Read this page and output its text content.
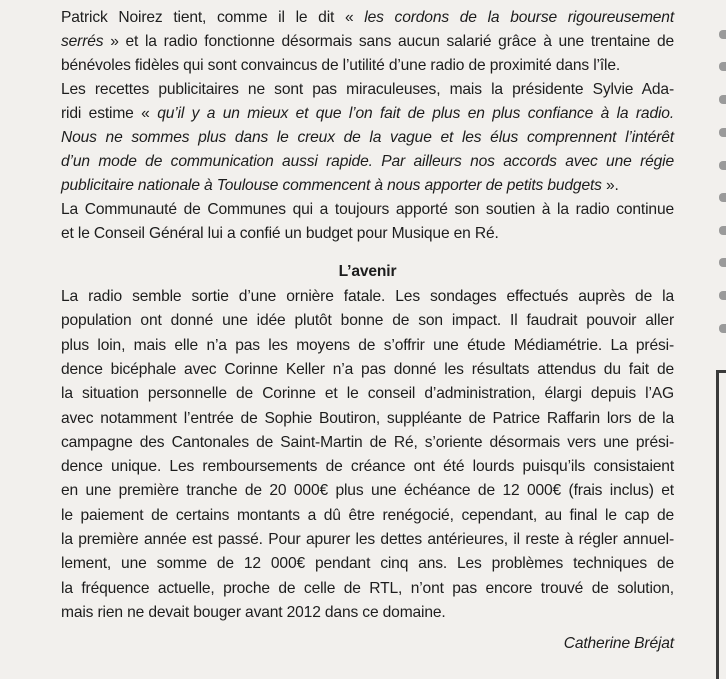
Patrick Noirez tient, comme il le dit « les cordons de la bourse rigoureusement
serrés » et la radio fonctionne désormais sans aucun salarié grâce à une trentaine de
bénévoles fidèles qui sont convaincus de l’utilité d’une radio de proximité dans l’île.
Les recettes publicitaires ne sont pas miraculeuses, mais la présidente Sylvie Ada-
ridi estime « qu’il y a un mieux et que l’on fait de plus en plus confiance à la radio.
Nous ne sommes plus dans le creux de la vague et les élus comprennent l’intérêt
d’un mode de communication aussi rapide. Par ailleurs nos accords avec une régie
publicitaire nationale à Toulouse commencent à nous apporter de petits budgets ».
La Communauté de Communes qui a toujours apporté son soutien à la radio continue
et le Conseil Général lui a confié un budget pour Musique en Ré.
L’avenir
La radio semble sortie d’une ornière fatale. Les sondages effectués auprès de la
population ont donné une idée plutôt bonne de son impact. Il faudrait pouvoir aller
plus loin, mais elle n’a pas les moyens de s’offrir une étude Médiamétrie. La prési-
dence bicéphale avec Corinne Keller n’a pas donné les résultats attendus du fait de
la situation personnelle de Corinne et le conseil d’administration, élargi depuis l’AG
avec notamment l’entrée de Sophie Boutiron, suppléante de Patrice Raffarin lors de la
campagne des Cantonales de Saint-Martin de Ré, s’oriente désormais vers une prési-
dence unique. Les remboursements de créance ont été lourds puisqu’ils consistaient
en une première tranche de 20 000€ plus une échéance de 12 000€ (frais inclus) et
le paiement de certains montants a dû être renégocié, cependant, au final le cap de
la première année est passé. Pour apurer les dettes antérieures, il reste à régler annuel-
lement, une somme de 12 000€ pendant cinq ans. Les problèmes techniques de
la fréquence actuelle, proche de celle de RTL, n’ont pas encore trouvé de solution,
mais rien ne devait bouger avant 2012 dans ce domaine.
Catherine Bréjat
